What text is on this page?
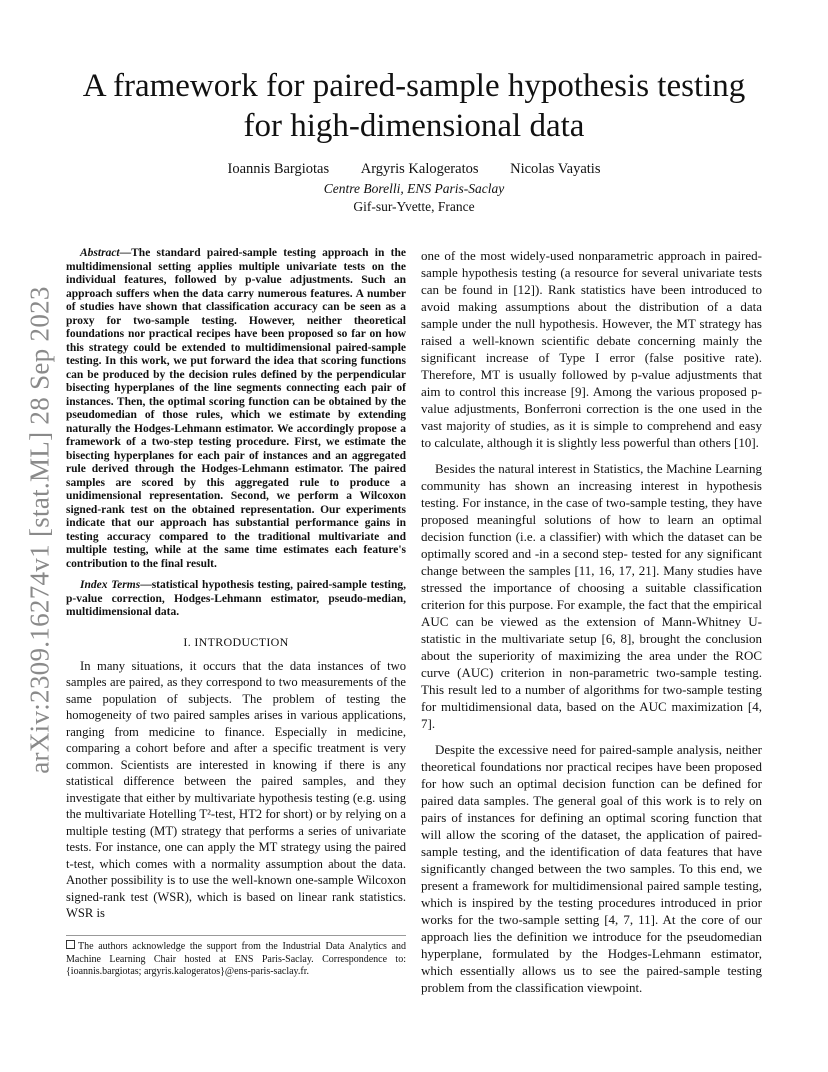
arXiv:2309.16274v1 [stat.ML] 28 Sep 2023
A framework for paired-sample hypothesis testing for high-dimensional data
Ioannis Bargiotas Argyris Kalogeratos Nicolas Vayatis
Centre Borelli, ENS Paris-Saclay
Gif-sur-Yvette, France

Abstract—The standard paired-sample testing approach in the multidimensional setting applies multiple univariate tests on the individual features, followed by p-value adjustments. Such an approach suffers when the data carry numerous features. A number of studies have shown that classification accuracy can be seen as a proxy for two-sample testing. However, neither theoretical foundations nor practical recipes have been proposed so far on how this strategy could be extended to multidimensional paired-sample testing. In this work, we put forward the idea that scoring functions can be produced by the decision rules defined by the perpendicular bisecting hyperplanes of the line segments connecting each pair of instances. Then, the optimal scoring function can be obtained by the pseudomedian of those rules, which we estimate by extending naturally the Hodges-Lehmann estimator. We accordingly propose a framework of a two-step testing procedure. First, we estimate the bisecting hyperplanes for each pair of instances and an aggregated rule derived through the Hodges-Lehmann estimator. The paired samples are scored by this aggregated rule to produce a unidimensional representation. Second, we perform a Wilcoxon signed-rank test on the obtained representation. Our experiments indicate that our approach has substantial performance gains in testing accuracy compared to the traditional multivariate and multiple testing, while at the same time estimates each feature's contribution to the final result.

Index Terms—statistical hypothesis testing, paired-sample testing, p-value correction, Hodges-Lehmann estimator, pseudo-median, multidimensional data.

I. INTRODUCTION

In many situations, it occurs that the data instances of two samples are paired, as they correspond to two measurements of the same population of subjects. The problem of testing the homogeneity of two paired samples arises in various applications, ranging from medicine to finance. Especially in medicine, comparing a cohort before and after a specific treatment is very common. Scientists are interested in knowing if there is any statistical difference between the paired samples, and they investigate that either by multivariate hypothesis testing (e.g. using the multivariate Hotelling T²-test, HT2 for short) or by relying on a multiple testing (MT) strategy that performs a series of univariate tests. For instance, one can apply the MT strategy using the paired t-test, which comes with a normality assumption about the data. Another possibility is to use the well-known one-sample Wilcoxon signed-rank test (WSR), which is based on linear rank statistics. WSR is

one of the most widely-used nonparametric approach in paired-sample hypothesis testing (a resource for several univariate tests can be found in [12]). Rank statistics have been introduced to avoid making assumptions about the distribution of a data sample under the null hypothesis. However, the MT strategy has raised a well-known scientific debate concerning mainly the significant increase of Type I error (false positive rate). Therefore, MT is usually followed by p-value adjustments that aim to control this increase [9]. Among the various proposed p-value adjustments, Bonferroni correction is the one used in the vast majority of studies, as it is simple to comprehend and easy to calculate, although it is slightly less powerful than others [10].

Besides the natural interest in Statistics, the Machine Learning community has shown an increasing interest in hypothesis testing. For instance, in the case of two-sample testing, they have proposed meaningful solutions of how to learn an optimal decision function (i.e. a classifier) with which the dataset can be optimally scored and -in a second step- tested for any significant change between the samples [11, 16, 17, 21]. Many studies have stressed the importance of choosing a suitable classification criterion for this purpose. For example, the fact that the empirical AUC can be viewed as the extension of Mann-Whitney U-statistic in the multivariate setup [6, 8], brought the conclusion about the superiority of maximizing the area under the ROC curve (AUC) criterion in non-parametric two-sample testing. This result led to a number of algorithms for two-sample testing for multidimensional data, based on the AUC maximization [4, 7].

Despite the excessive need for paired-sample analysis, neither theoretical foundations nor practical recipes have been proposed for how such an optimal decision function can be defined for paired data samples. The general goal of this work is to rely on pairs of instances for defining an optimal scoring function that will allow the scoring of the dataset, the application of paired-sample testing, and the identification of data features that have significantly changed between the two samples. To this end, we present a framework for multidimensional paired sample testing, which is inspired by the testing procedures introduced in prior works for the two-sample setting [4, 7, 11]. At the core of our approach lies the definition we introduce for the pseudomedian hyperplane, formulated by the Hodges-Lehmann estimator, which essentially allows us to see the paired-sample testing problem from the classification viewpoint.

The authors acknowledge the support from the Industrial Data Analytics and Machine Learning Chair hosted at ENS Paris-Saclay. Correspondence to: {ioannis.bargiotas; argyris.kalogeratos}@ens-paris-saclay.fr.
